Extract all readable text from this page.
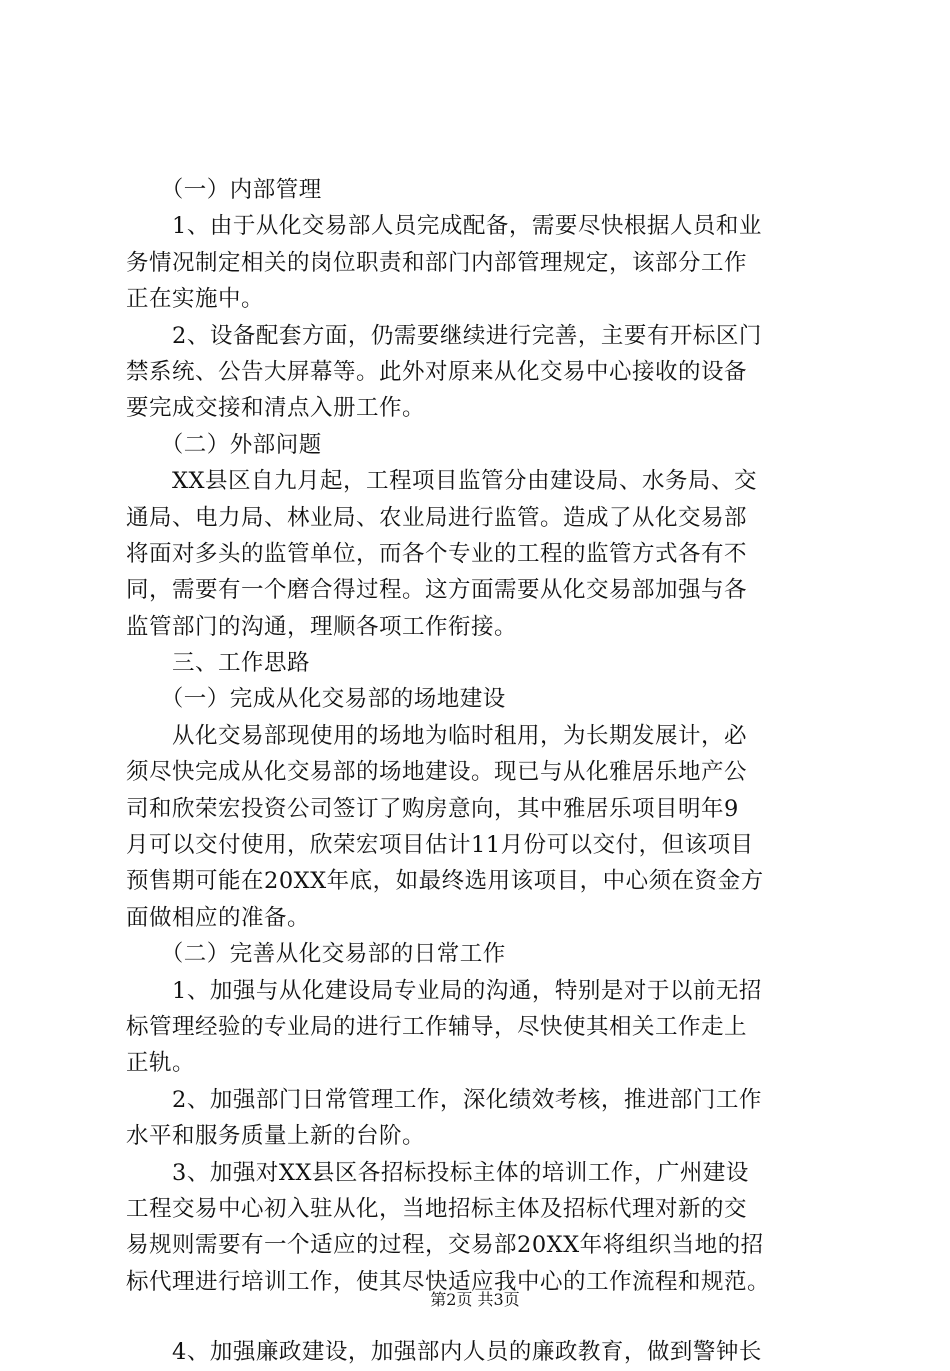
　　（一）内部管理
　　1、由于从化交易部人员完成配备，需要尽快根据人员和业
务情况制定相关的岗位职责和部门内部管理规定，该部分工作
正在实施中。
　　2、设备配套方面，仍需要继续进行完善，主要有开标区门
禁系统、公告大屏幕等。此外对原来从化交易中心接收的设备
要完成交接和清点入册工作。
　　（二）外部问题
　　XX县区自九月起，工程项目监管分由建设局、水务局、交
通局、电力局、林业局、农业局进行监管。造成了从化交易部
将面对多头的监管单位，而各个专业的工程的监管方式各有不
同，需要有一个磨合得过程。这方面需要从化交易部加强与各
监管部门的沟通，理顺各项工作衔接。
　　三、工作思路
　　（一）完成从化交易部的场地建设
　　从化交易部现使用的场地为临时租用，为长期发展计，必
须尽快完成从化交易部的场地建设。现已与从化雅居乐地产公
司和欣荣宏投资公司签订了购房意向，其中雅居乐项目明年9
月可以交付使用，欣荣宏项目估计11月份可以交付，但该项目
预售期可能在20XX年底，如最终选用该项目，中心须在资金方
面做相应的准备。
　　（二）完善从化交易部的日常工作
　　1、加强与从化建设局专业局的沟通，特别是对于以前无招
标管理经验的专业局的进行工作辅导，尽快使其相关工作走上
正轨。
　　2、加强部门日常管理工作，深化绩效考核，推进部门工作
水平和服务质量上新的台阶。
　　3、加强对XX县区各招标投标主体的培训工作，广州建设
工程交易中心初入驻从化，当地招标主体及招标代理对新的交
易规则需要有一个适应的过程，交易部20XX年将组织当地的招
标代理进行培训工作，使其尽快适应我中心的工作流程和规范。
　　4、加强廉政建设，加强部内人员的廉政教育，做到警钟长
第2页 共3页
